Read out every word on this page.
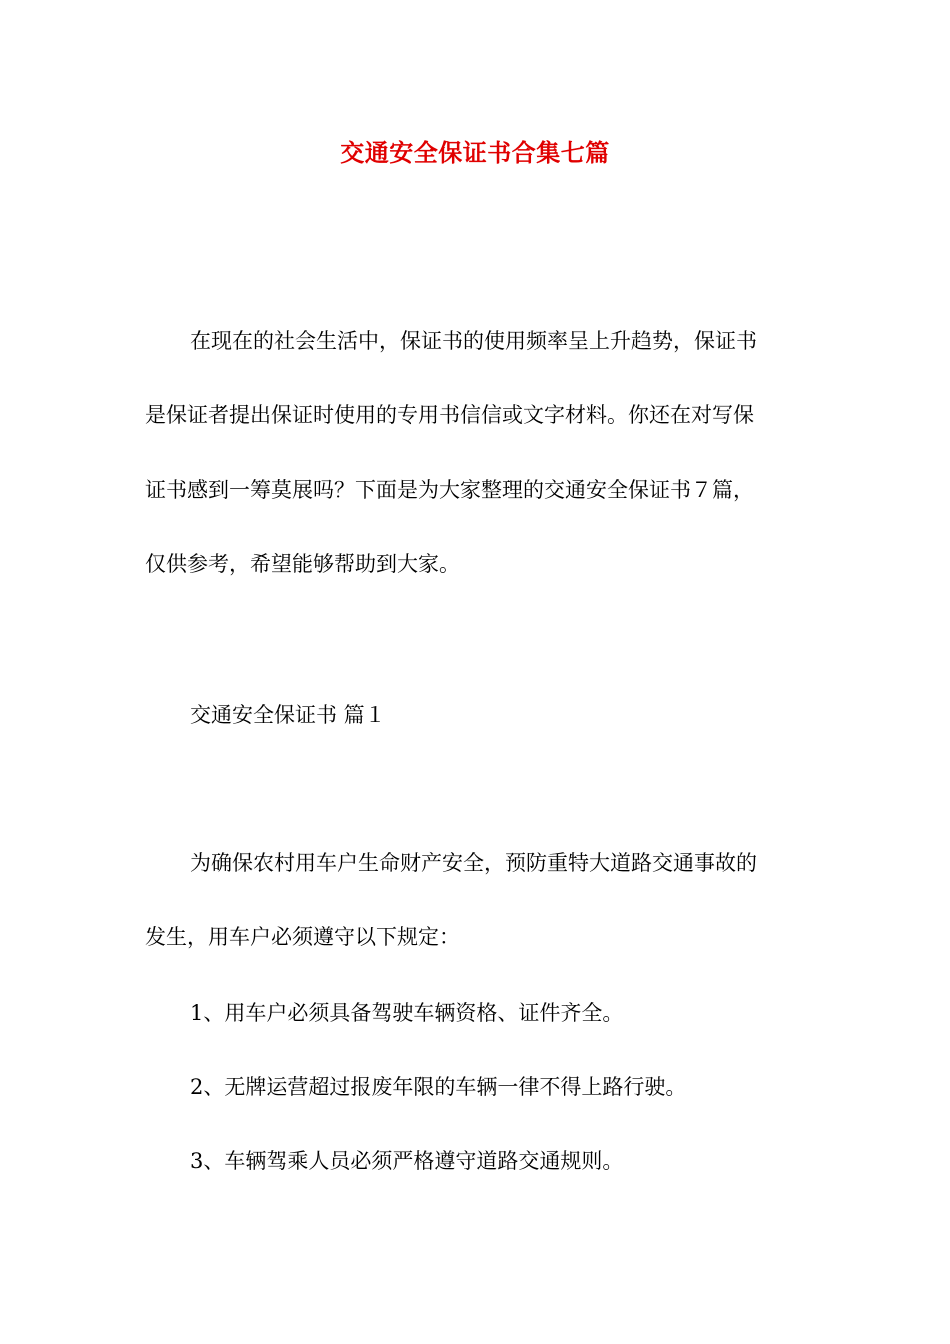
交通安全保证书合集七篇
在现在的社会生活中，保证书的使用频率呈上升趋势，保证书
是保证者提出保证时使用的专用书信信或文字材料。你还在对写保
证书感到一筹莫展吗？下面是为大家整理的交通安全保证书７篇，
仅供参考，希望能够帮助到大家。
交通安全保证书 篇１
为确保农村用车户生命财产安全，预防重特大道路交通事故的
发生，用车户必须遵守以下规定：
1、用车户必须具备驾驶车辆资格、证件齐全。
2、无牌运营超过报废年限的车辆一律不得上路行驶。
3、车辆驾乘人员必须严格遵守道路交通规则。
